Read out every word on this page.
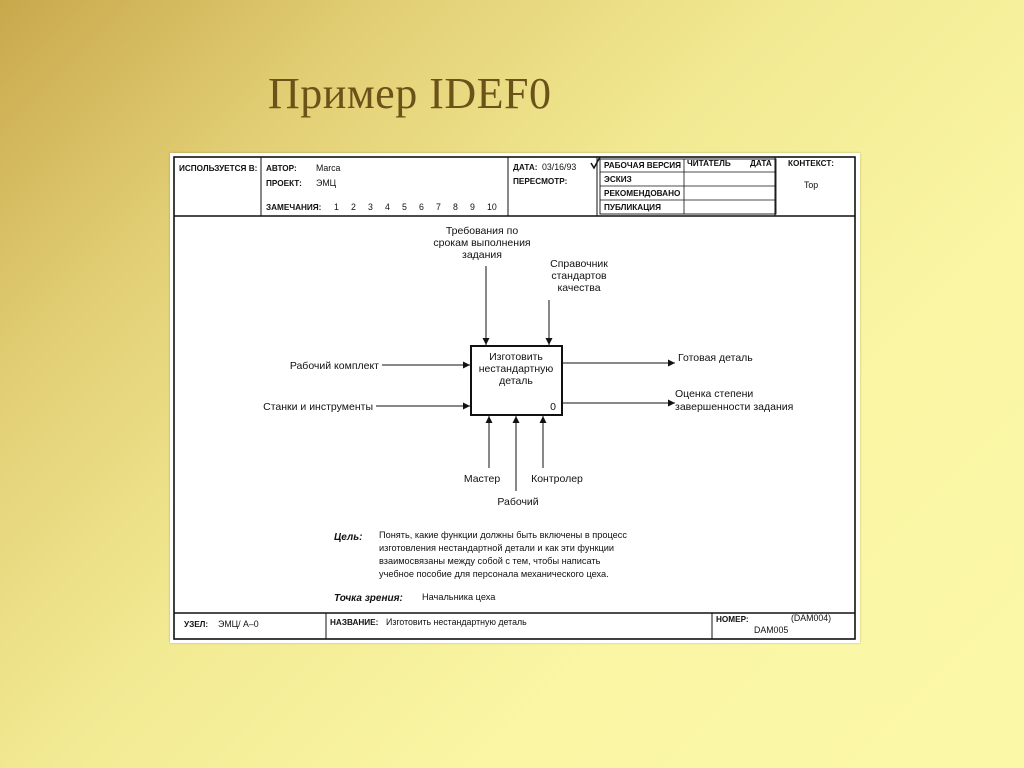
Пример IDEF0
ИСПОЛЬЗУЕТСЯ В: АВТОР: Marca
ПРОЕКТ: ЭМЦ
ЗАМЕЧАНИЯ: 1 2 3 4 5 6 7 8 9 10
ДАТА: 03/16/93
ПЕРЕСМОТР:
РАБОЧАЯ ВЕРСИЯ
ЭСКИЗ
РЕКОМЕНДОВАНО
ПУБЛИКАЦИЯ
ЧИТАТЕЛЬ ДАТА КОНТЕКСТ:
Top
Изготовить
нестандартную
деталь
0
Требования по
срокам выполнения
задания
Справочник
стандартов
качества
Рабочий комплект
Станки и инструменты
Готовая деталь
Оценка степени
завершенности задания
Мастер
Рабочий
Контролер
Цель: Понять, какие функции должны быть включены в процесс
изготовления нестандартной детали и как эти функции
взаимосвязаны между собой с тем, чтобы написать
учебное пособие для персонала механического цеха.
Точка зрения: Начальника цеха
УЗЕЛ: ЭМЦ/ А–0	НАЗВАНИЕ: Изготовить нестандартную деталь	НОМЕР:	(DAM004)
DAM005
